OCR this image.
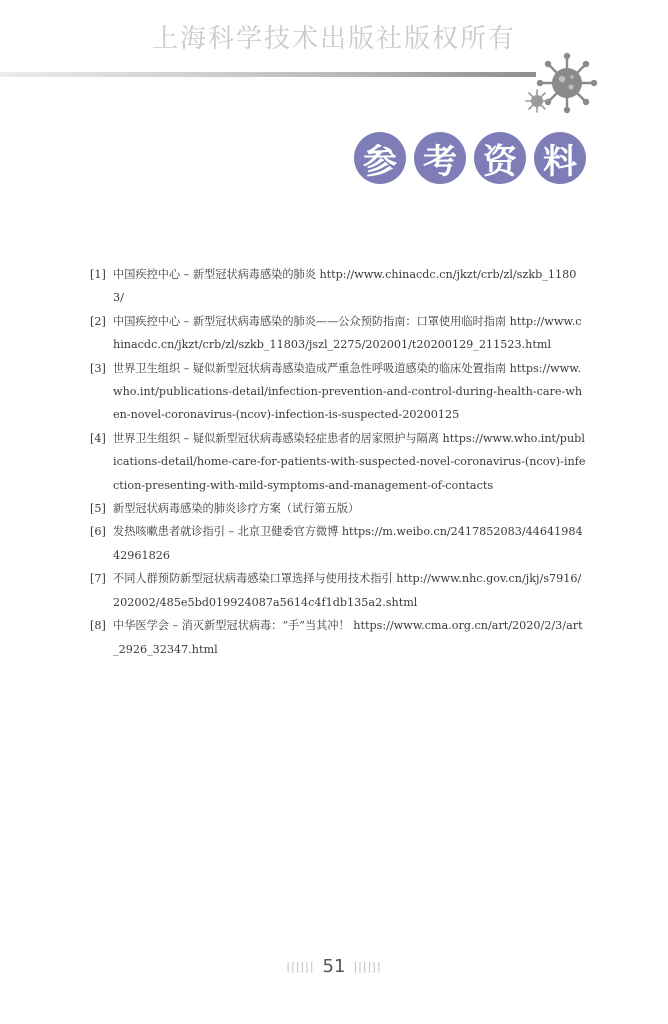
上海科学技术出版社版权所有
参 考 资 料
[1] 中国疾控中心 – 新型冠状病毒感染的肺炎 http://www.chinacdc.cn/jkzt/crb/zl/szkb_11803/
[2] 中国疾控中心 – 新型冠状病毒感染的肺炎——公众预防指南：口罩使用临时指南 http://www.chinacdc.cn/jkzt/crb/zl/szkb_11803/jszl_2275/202001/t20200129_211523.html
[3] 世界卫生组织 – 疑似新型冠状病毒感染造成严重急性呼吸道感染的临床处置指南 https://www.who.int/publications-detail/infection-prevention-and-control-during-health-care-when-novel-coronavirus-(ncov)-infection-is-suspected-20200125
[4] 世界卫生组织 – 疑似新型冠状病毒感染轻症患者的居家照护与隔离 https://www.who.int/publications-detail/home-care-for-patients-with-suspected-novel-coronavirus-(ncov)-infection-presenting-with-mild-symptoms-and-management-of-contacts
[5] 新型冠状病毒感染的肺炎诊疗方案（试行第五版）
[6] 发热咳嗽患者就诊指引 – 北京卫健委官方微博 https://m.weibo.cn/2417852083/4464198442961826
[7] 不同人群预防新型冠状病毒感染口罩选择与使用技术指引 http://www.nhc.gov.cn/jkj/s7916/202002/485e5bd019924087a5614c4f1db135a2.shtml
[8] 中华医学会 – 消灭新型冠状病毒：“手”当其冲！ https://www.cma.org.cn/art/2020/2/3/art_2926_32347.html
|||||| 51 ||||||
